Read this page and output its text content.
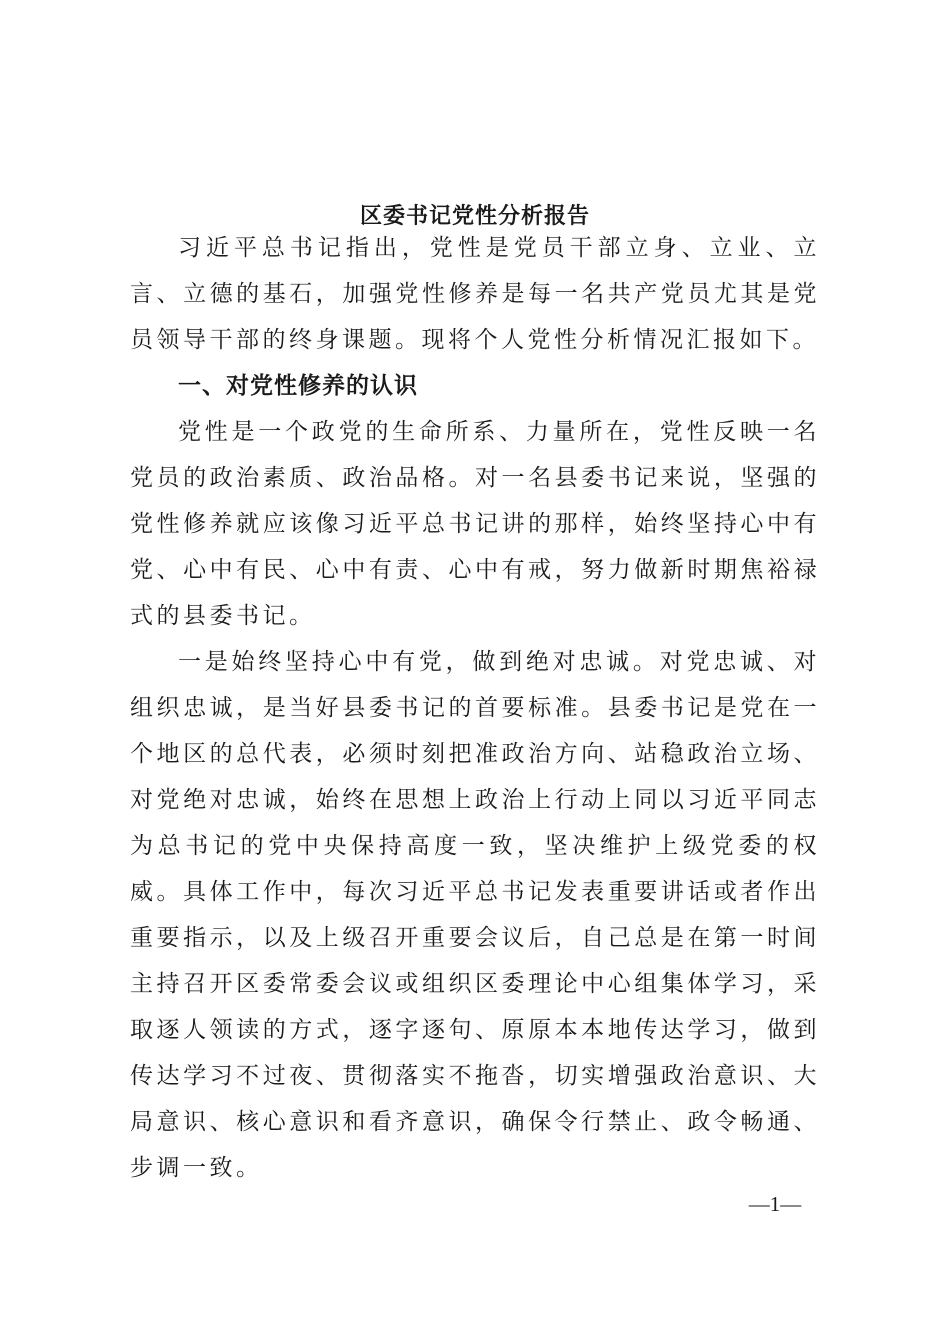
区委书记党性分析报告

习近平总书记指出，党性是党员干部立身、立业、立言、立德的基石，加强党性修养是每一名共产党员尤其是党员领导干部的终身课题。现将个人党性分析情况汇报如下。

一、对党性修养的认识

党性是一个政党的生命所系、力量所在，党性反映一名党员的政治素质、政治品格。对一名县委书记来说，坚强的党性修养就应该像习近平总书记讲的那样，始终坚持心中有党、心中有民、心中有责、心中有戒，努力做新时期焦裕禄式的县委书记。

一是始终坚持心中有党，做到绝对忠诚。对党忠诚、对组织忠诚，是当好县委书记的首要标准。县委书记是党在一个地区的总代表，必须时刻把准政治方向、站稳政治立场、对党绝对忠诚，始终在思想上政治上行动上同以习近平同志为总书记的党中央保持高度一致，坚决维护上级党委的权威。具体工作中，每次习近平总书记发表重要讲话或者作出重要指示，以及上级召开重要会议后，自己总是在第一时间主持召开区委常委会议或组织区委理论中心组集体学习，采取逐人领读的方式，逐字逐句、原原本本地传达学习，做到传达学习不过夜、贯彻落实不拖沓，切实增强政治意识、大局意识、核心意识和看齐意识，确保令行禁止、政令畅通、步调一致。

—1—
